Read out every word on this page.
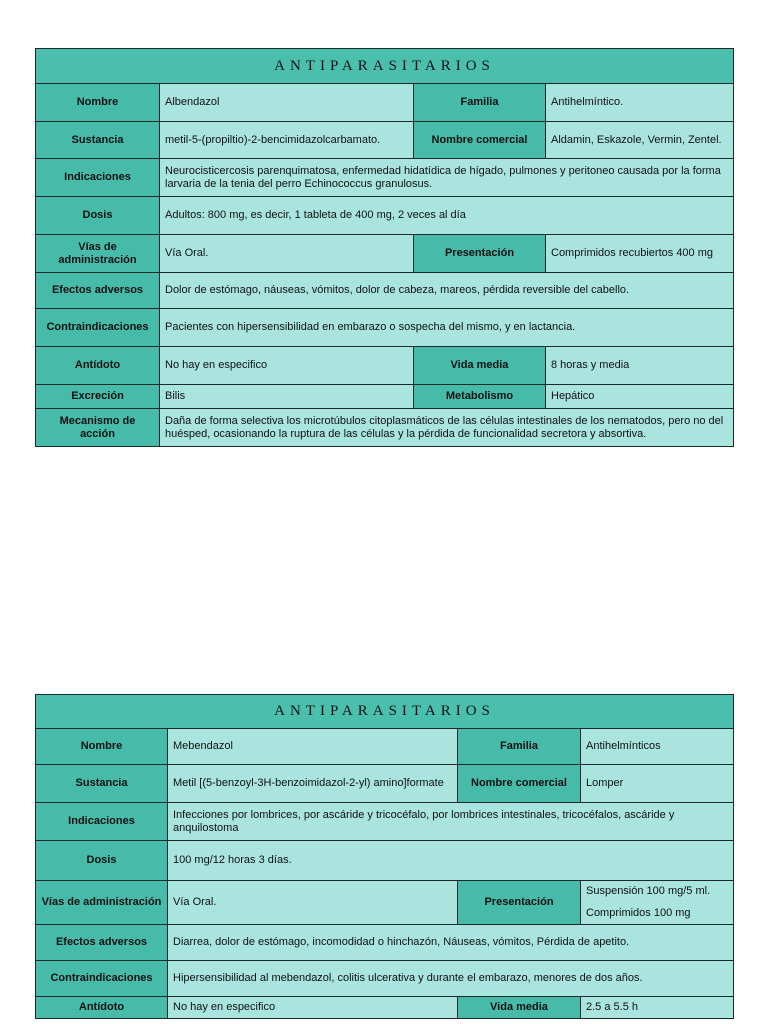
ANTIPARASITARIOS			
Nombre	Albendazol	Familia	Antihelmíntico.
Sustancia	metil-5-(propiltio)-2-bencimidazolcarbamato.	Nombre comercial	Aldamin, Eskazole, Vermin, Zentel.
Indicaciones	Neurocisticercosis parenquimatosa, enfermedad hidatídica de hígado, pulmones y peritoneo causada por la forma larvaria de la tenia del perro Echinococcus granulosus.		
Dosis	Adultos: 800 mg, es decir, 1 tableta de 400 mg, 2 veces al día		
Vías de administración	Vía Oral.	Presentación	Comprimidos recubiertos 400 mg
Efectos adversos	Dolor de estómago, náuseas, vómitos, dolor de cabeza, mareos, pérdida reversible del cabello.		
Contraindicaciones	Pacientes con hipersensibilidad en embarazo o sospecha del mismo, y en lactancia.		
Antídoto	No hay en especifico	Vida media	8 horas y media
Excreción	Bilis	Metabolismo	Hepático
Mecanismo de acción	Daña de forma selectiva los microtúbulos citoplasmáticos de las células intestinales de los nematodos, pero no del huésped, ocasionando la ruptura de las células y la pérdida de funcionalidad secretora y absortiva.		
ANTIPARASITARIOS			
Nombre	Mebendazol	Familia	Antihelmínticos
Sustancia	Metil [(5-benzoyl-3H-benzoimidazol-2-yl) amino]formate	Nombre comercial	Lomper
Indicaciones	Infecciones por lombrices, por ascáride y tricocéfalo, por lombrices intestinales, tricocéfalos, ascáride y anquilostoma		
Dosis	100 mg/12 horas 3 días.		
Vías de administración	Vía Oral.	Presentación	Suspensión 100 mg/5 ml.
Comprimidos 100 mg

Efectos adversos	Diarrea, dolor de estómago, incomodidad o hinchazón, Náuseas, vómitos, Pérdida de apetito.		
Contraindicaciones	Hipersensibilidad al mebendazol, colitis ulcerativa y durante el embarazo, menores de dos años.		
Antídoto	No hay en especifico	Vida media	2.5 a 5.5 h
